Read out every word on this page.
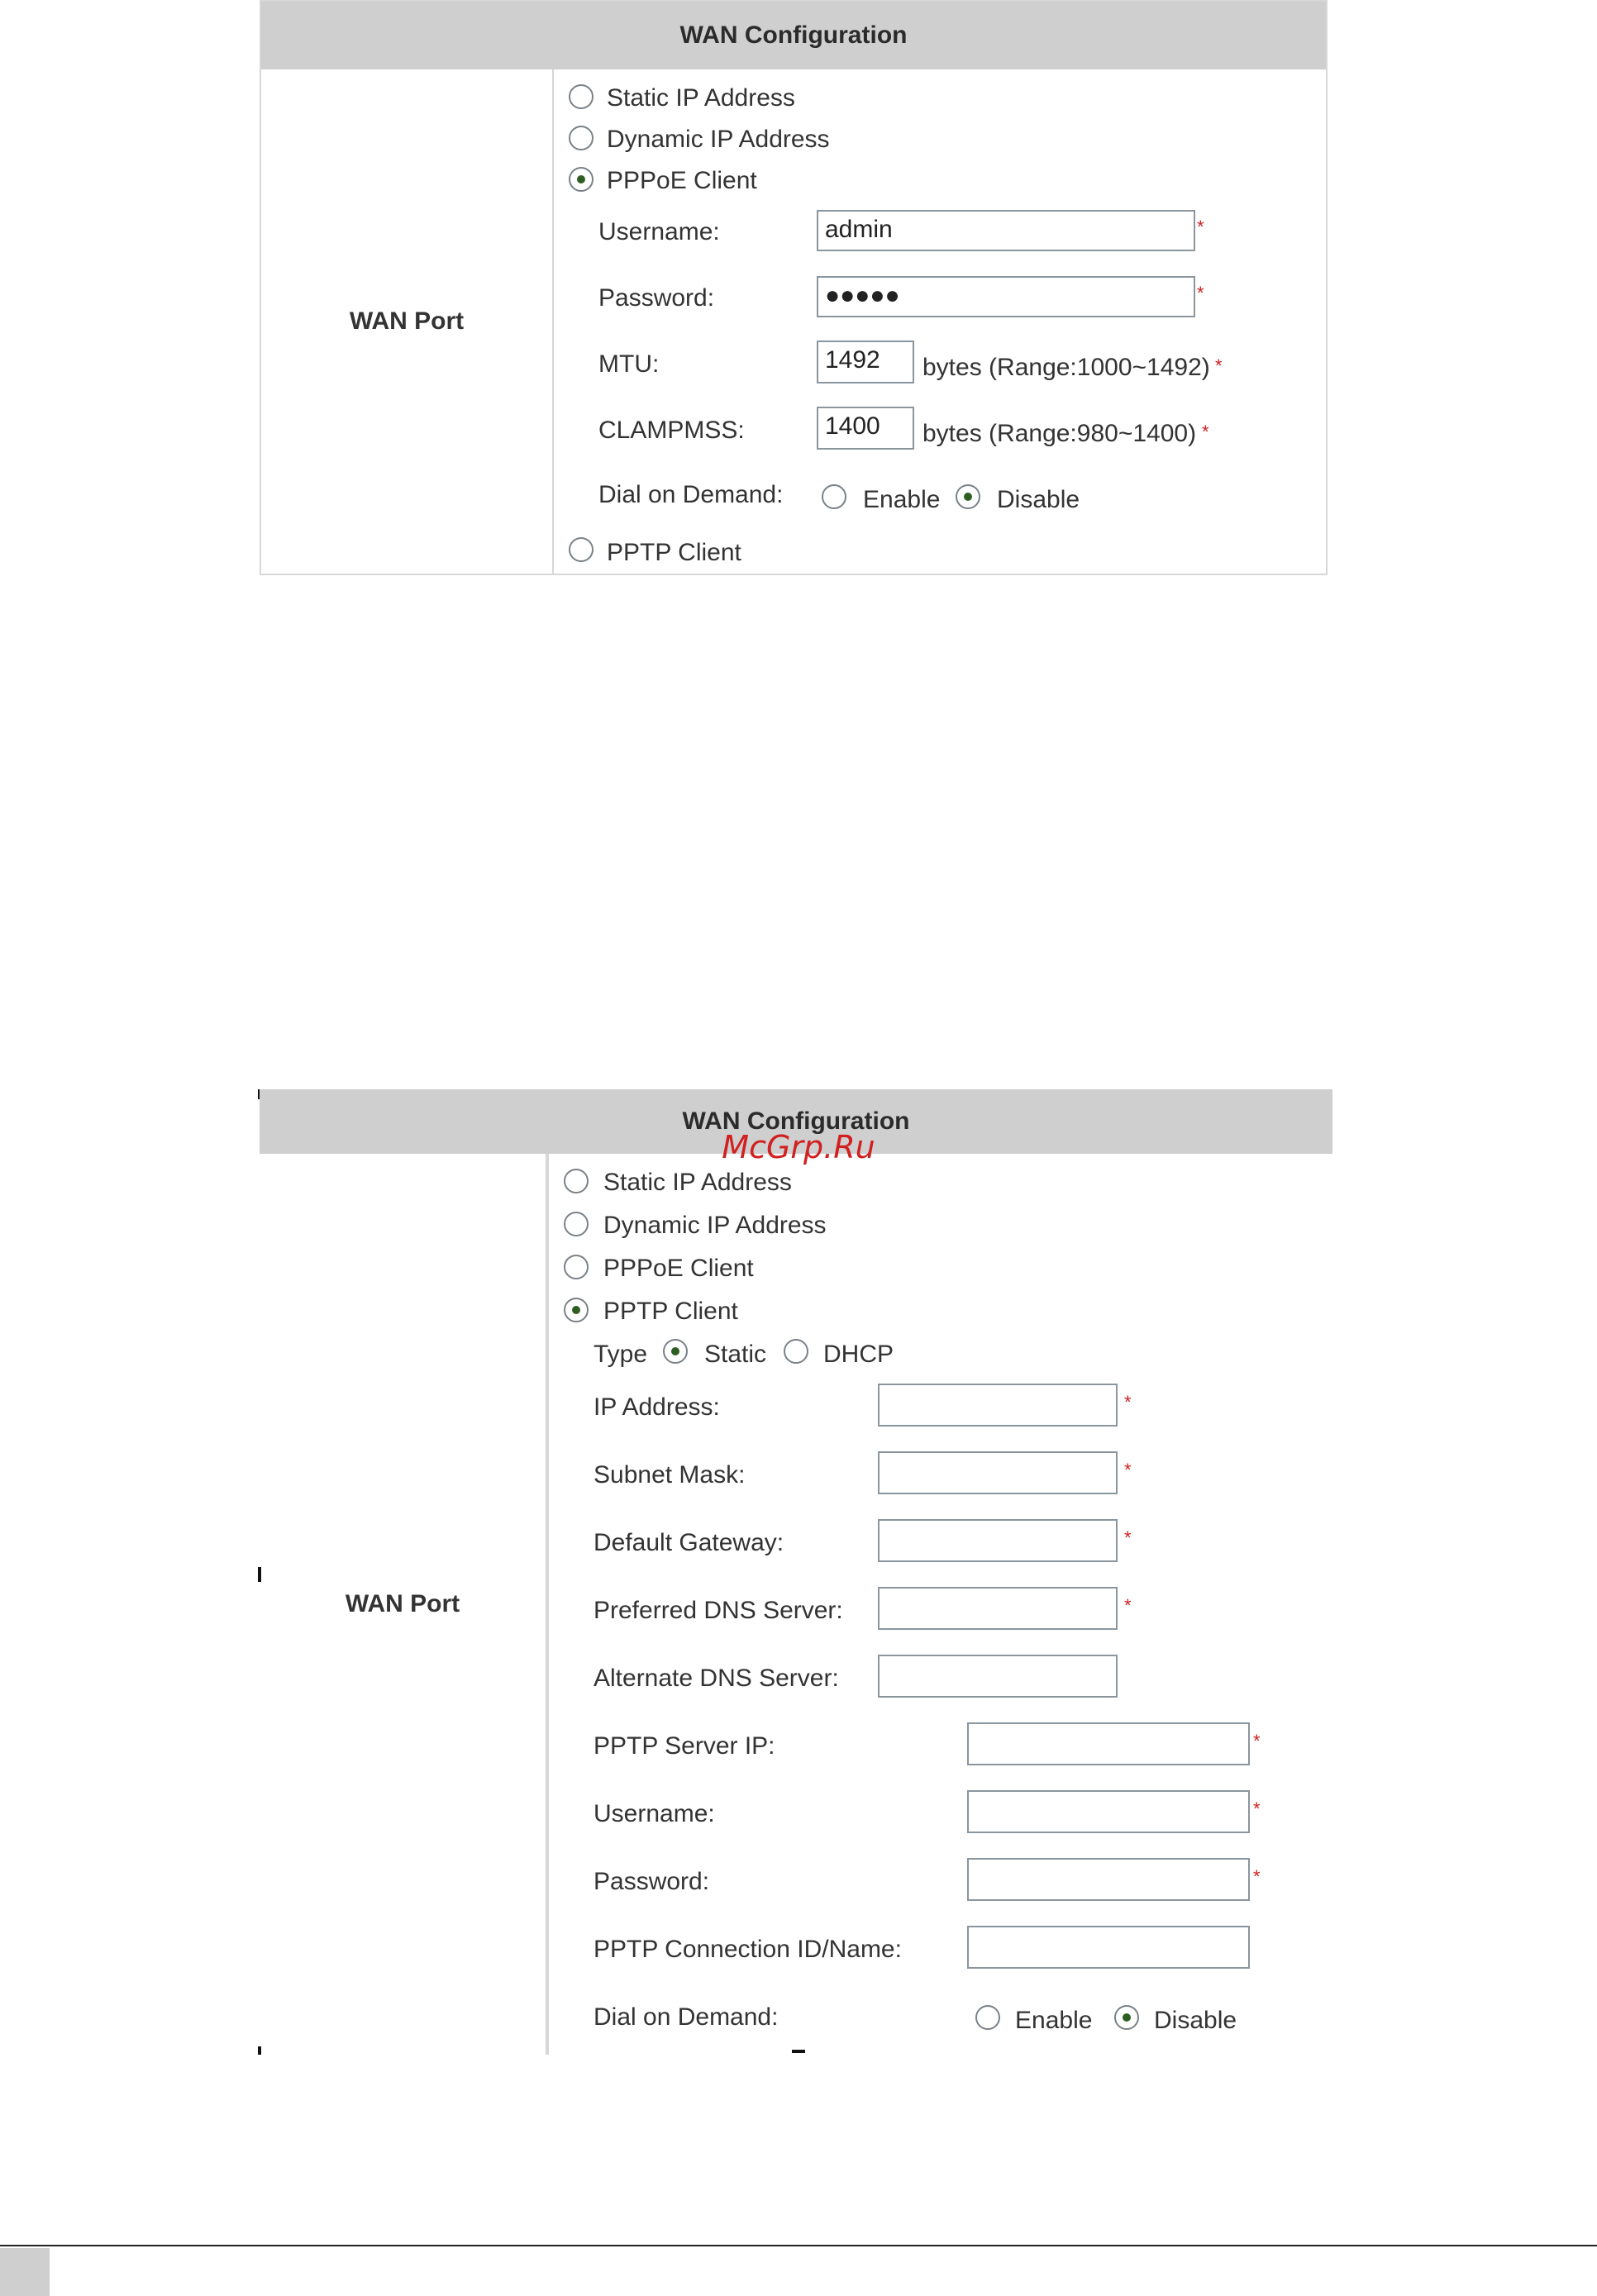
WAN Configuration
WAN Port
Static IP Address
Dynamic IP Address
PPPoE Client
Username:	admin	*
Password:	●●●●●	*
MTU:	1492	bytes (Range:1000~1492) *
CLAMPMSS:	1400	bytes (Range:980~1400) *
Dial on Demand:	Enable Disable
PPTP Client
WAN Configuration
WAN Port
Static IP Address
Dynamic IP Address
PPPoE Client
PPTP Client
Type Static DHCP
IP Address:	*
Subnet Mask:	*
Default Gateway:	*
Preferred DNS Server:	*
Alternate DNS Server:
PPTP Server IP:	*
Username:	*
Password:	*
PPTP Connection ID/Name:
Dial on Demand:	Enable Disable
McGrp.Ru
